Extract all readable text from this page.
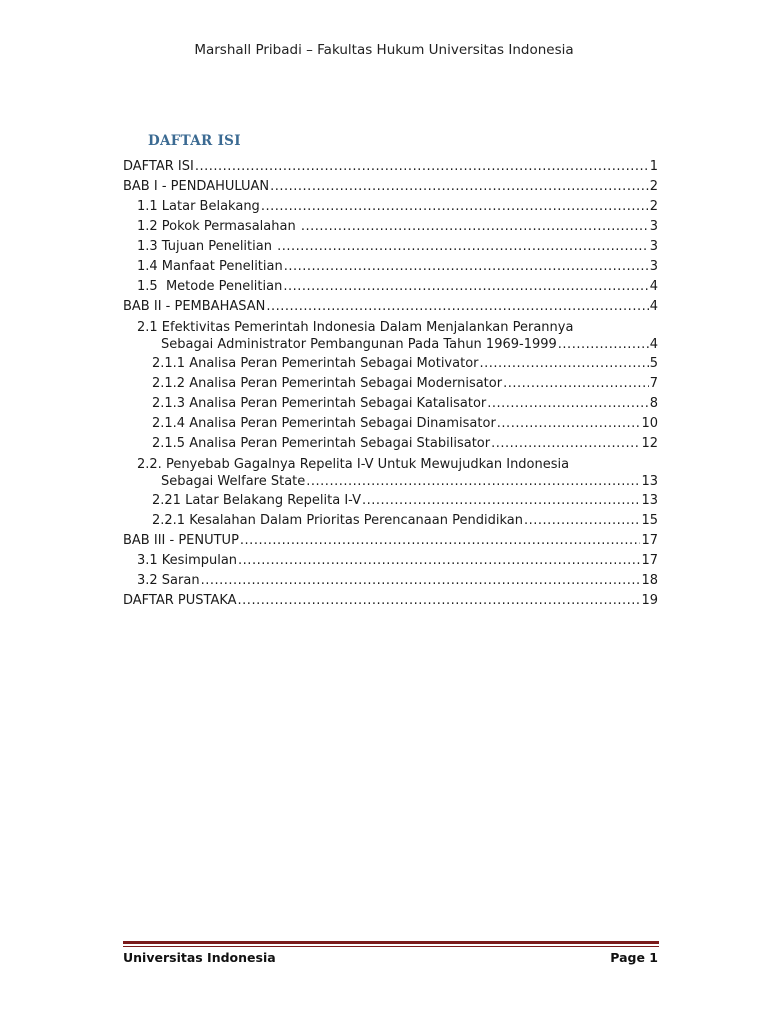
Marshall Pribadi – Fakultas Hukum Universitas Indonesia
DAFTAR ISI
DAFTAR ISI .....	1
BAB I - PENDAHULUAN .....	2
1.1 Latar Belakang .....	2
1.2 Pokok Permasalahan .....	3
1.3 Tujuan Penelitian .....	3
1.4 Manfaat Penelitian .....	3
1.5  Metode Penelitian .....	4
BAB II - PEMBAHASAN .....	4
2.1 Efektivitas Pemerintah Indonesia Dalam Menjalankan Perannya
Sebagai Administrator Pembangunan Pada Tahun 1969-1999 .....	4
2.1.1 Analisa Peran Pemerintah Sebagai Motivator .....	5
2.1.2 Analisa Peran Pemerintah Sebagai Modernisator .....	7
2.1.3 Analisa Peran Pemerintah Sebagai Katalisator .....	8
2.1.4 Analisa Peran Pemerintah Sebagai Dinamisator .....	10
2.1.5 Analisa Peran Pemerintah Sebagai Stabilisator .....	12
2.2. Penyebab Gagalnya Repelita I-V Untuk Mewujudkan Indonesia
Sebagai Welfare State .....	13
2.21 Latar Belakang Repelita I-V .....	13
2.2.1 Kesalahan Dalam Prioritas Perencanaan Pendidikan .....	15
BAB III - PENUTUP .....	17
3.1 Kesimpulan .....	17
3.2 Saran .....	18
DAFTAR PUSTAKA .....	19
Universitas Indonesia	Page 1
